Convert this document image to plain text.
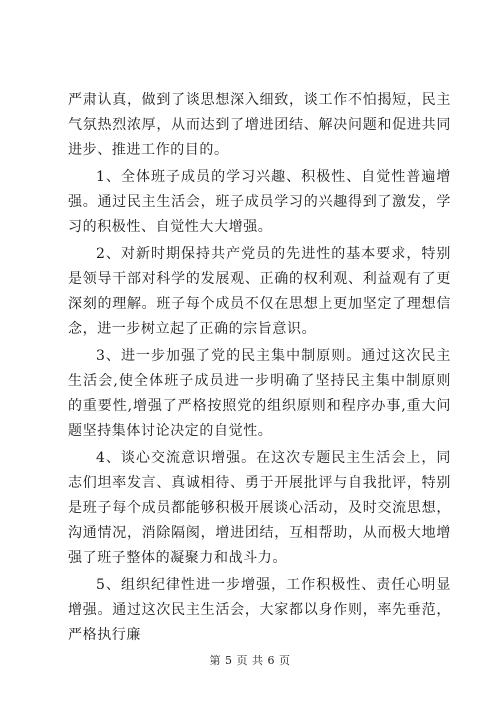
严肃认真，做到了谈思想深入细致，谈工作不怕揭短，民主气氛热烈浓厚，从而达到了增进团结、解决问题和促进共同进步、推进工作的目的。

1、全体班子成员的学习兴趣、积极性、自觉性普遍增强。通过民主生活会，班子成员学习的兴趣得到了激发，学习的积极性、自觉性大大增强。

2、对新时期保持共产党员的先进性的基本要求，特别是领导干部对科学的发展观、正确的权利观、利益观有了更深刻的理解。班子每个成员不仅在思想上更加坚定了理想信念，进一步树立起了正确的宗旨意识。

3、进一步加强了党的民主集中制原则。通过这次民主生活会,使全体班子成员进一步明确了坚持民主集中制原则的重要性,增强了严格按照党的组织原则和程序办事,重大问题坚持集体讨论决定的自觉性。

4、谈心交流意识增强。在这次专题民主生活会上，同志们坦率发言、真诚相待、勇于开展批评与自我批评，特别是班子每个成员都能够积极开展谈心活动，及时交流思想，沟通情况，消除隔阂，增进团结，互相帮助，从而极大地增强了班子整体的凝聚力和战斗力。

5、组织纪律性进一步增强，工作积极性、责任心明显增强。通过这次民主生活会，大家都以身作则，率先垂范，严格执行廉

第 5 页 共 6 页
